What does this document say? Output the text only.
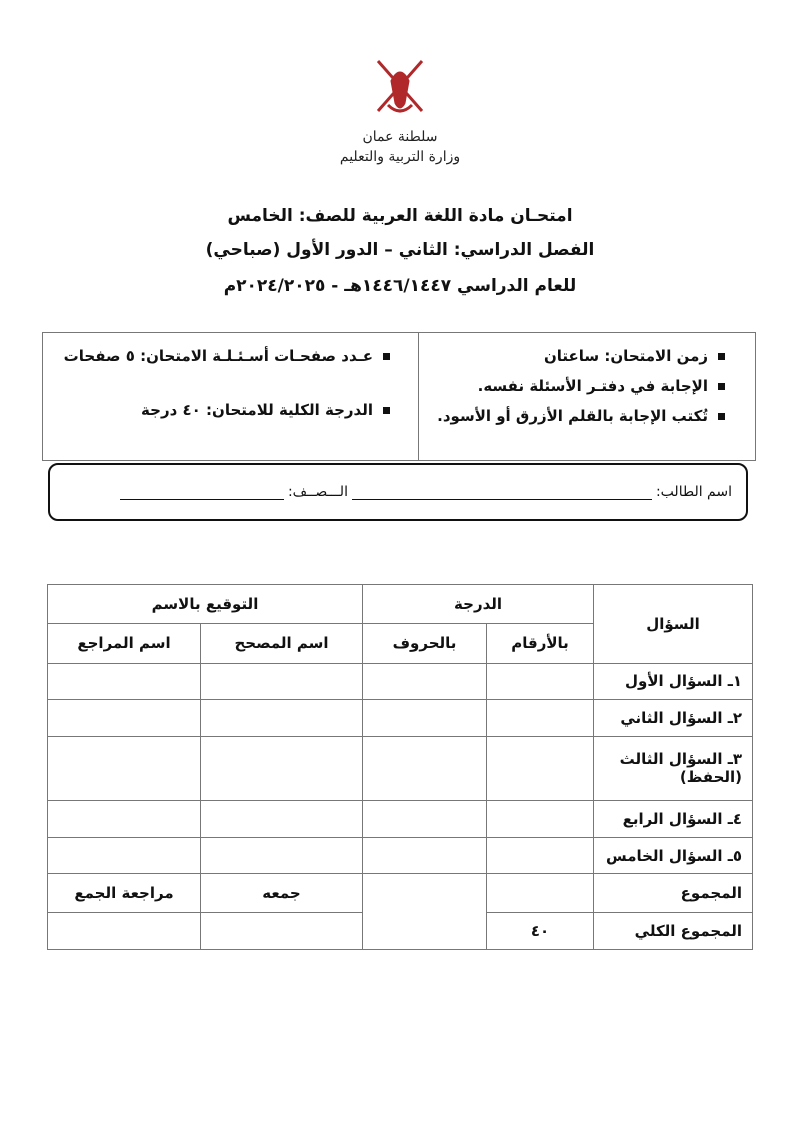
سلطنة عمان
وزارة التربية والتعليم
امتحـان مادة اللغة العربية للصف: الخامس
الفصل الدراسي: الثاني – الدور الأول (صباحي)
للعام الدراسي ١٤٤٦/١٤٤٧هـ - ٢٠٢٤/٢٠٢٥م
زمن الامتحان: ساعتان
الإجابة في دفتـر الأسئلة نفسه.
تُكتب الإجابة بالقلم الأزرق أو الأسود.
عـدد صفحـات أسـئـلـة الامتحان: ٥ صفحات
الدرجة الكلية للامتحان: ٤٠ درجة
اسم الطالب:
الـــصــف:
السؤال	الدرجة		التوقيع بالاسم	
	بالأرقام	بالحروف	اسم المصحح	اسم المراجع
١ـ السؤال الأول				
٢ـ السؤال الثاني				
٣ـ السؤال الثالث (الحفظ)				
٤ـ السؤال الرابع				
٥ـ السؤال الخامس				
المجموع			جمعه	مراجعة الجمع
المجموع الكلي	٤٠			
